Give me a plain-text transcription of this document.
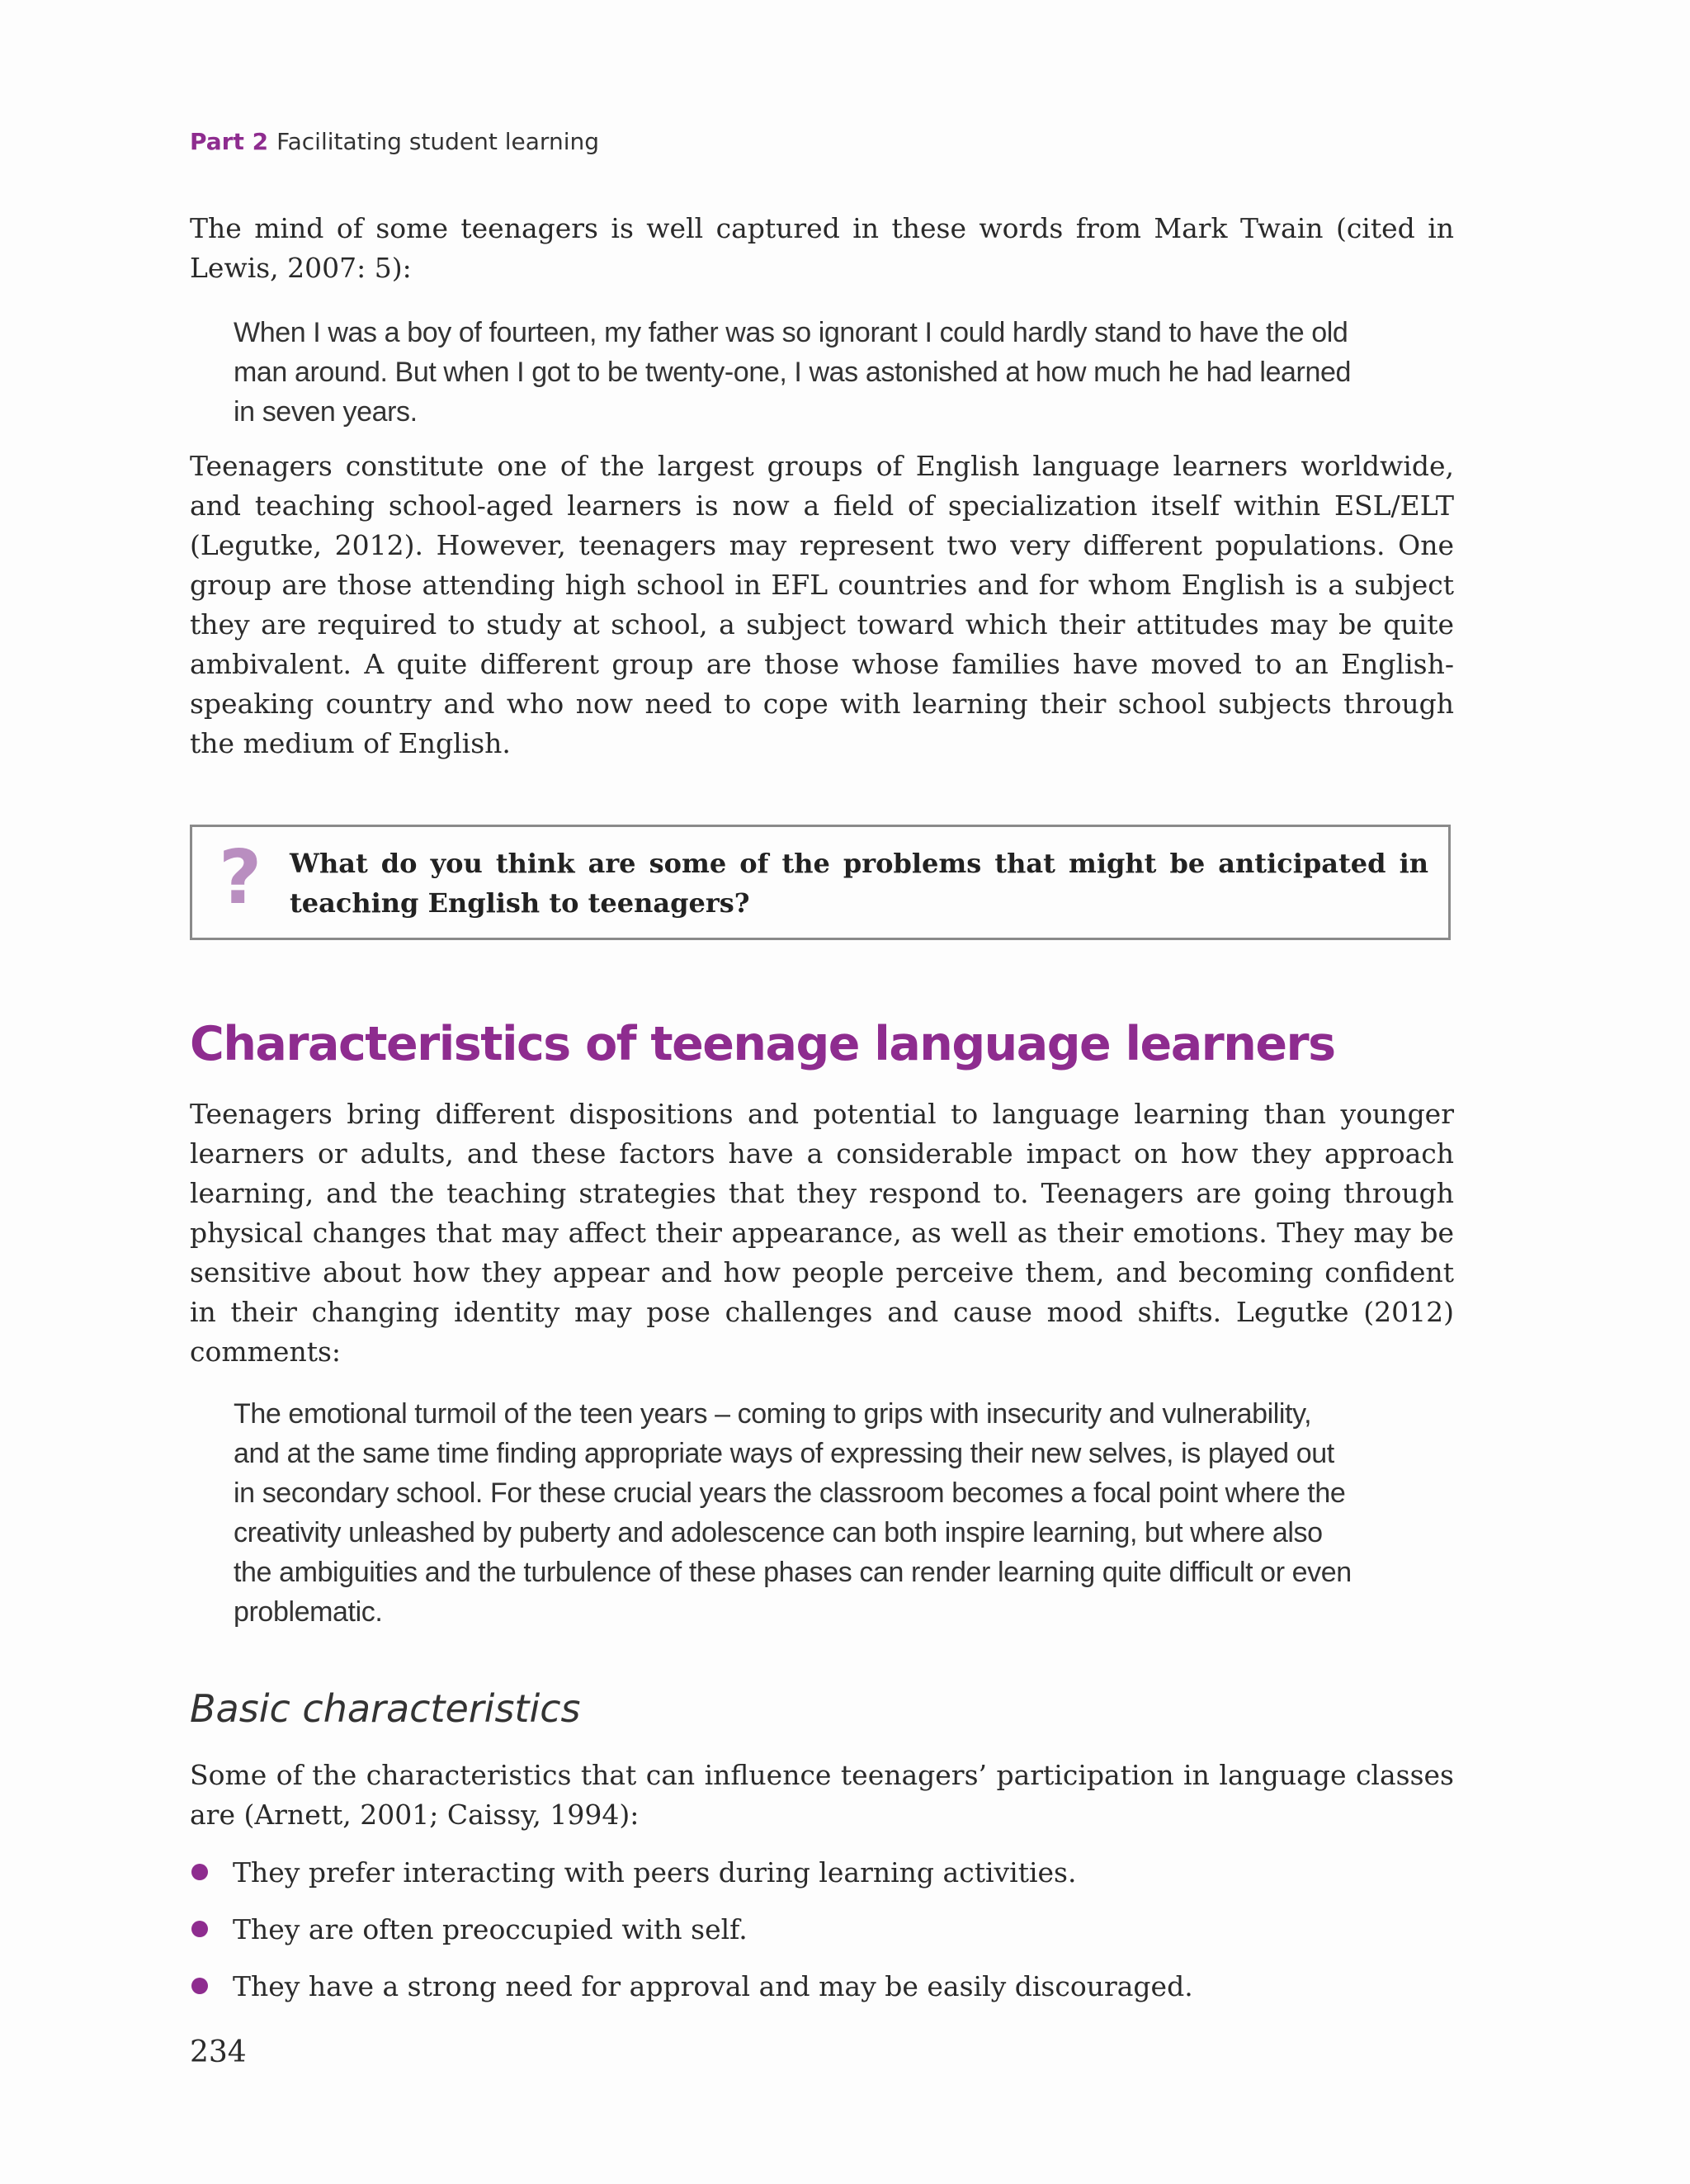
Part 2 Facilitating student learning

The mind of some teenagers is well captured in these words from Mark Twain (cited in Lewis, 2007: 5):

When I was a boy of fourteen, my father was so ignorant I could hardly stand to have the old
man around. But when I got to be twenty-one, I was astonished at how much he had learned
in seven years.

Teenagers constitute one of the largest groups of English language learners worldwide, and teaching school-aged learners is now a field of specialization itself within ESL/ELT (Legutke, 2012). However, teenagers may represent two very different populations. One group are those attending high school in EFL countries and for whom English is a subject they are required to study at school, a subject toward which their attitudes may be quite ambivalent. A quite different group are those whose families have moved to an English-speaking country and who now need to cope with learning their school subjects through the medium of English.

? What do you think are some of the problems that might be anticipated in teaching English to teenagers?

Characteristics of teenage language learners

Teenagers bring different dispositions and potential to language learning than younger learners or adults, and these factors have a considerable impact on how they approach learning, and the teaching strategies that they respond to. Teenagers are going through physical changes that may affect their appearance, as well as their emotions. They may be sensitive about how they appear and how people perceive them, and becoming confident in their changing identity may pose challenges and cause mood shifts. Legutke (2012) comments:

The emotional turmoil of the teen years – coming to grips with insecurity and vulnerability,
and at the same time finding appropriate ways of expressing their new selves, is played out
in secondary school. For these crucial years the classroom becomes a focal point where the
creativity unleashed by puberty and adolescence can both inspire learning, but where also
the ambiguities and the turbulence of these phases can render learning quite difficult or even
problematic.
Basic characteristics

Some of the characteristics that can influence teenagers’ participation in language classes are (Arnett, 2001; Caissy, 1994):

They prefer interacting with peers during learning activities.
They are often preoccupied with self.
They have a strong need for approval and may be easily discouraged.
234
